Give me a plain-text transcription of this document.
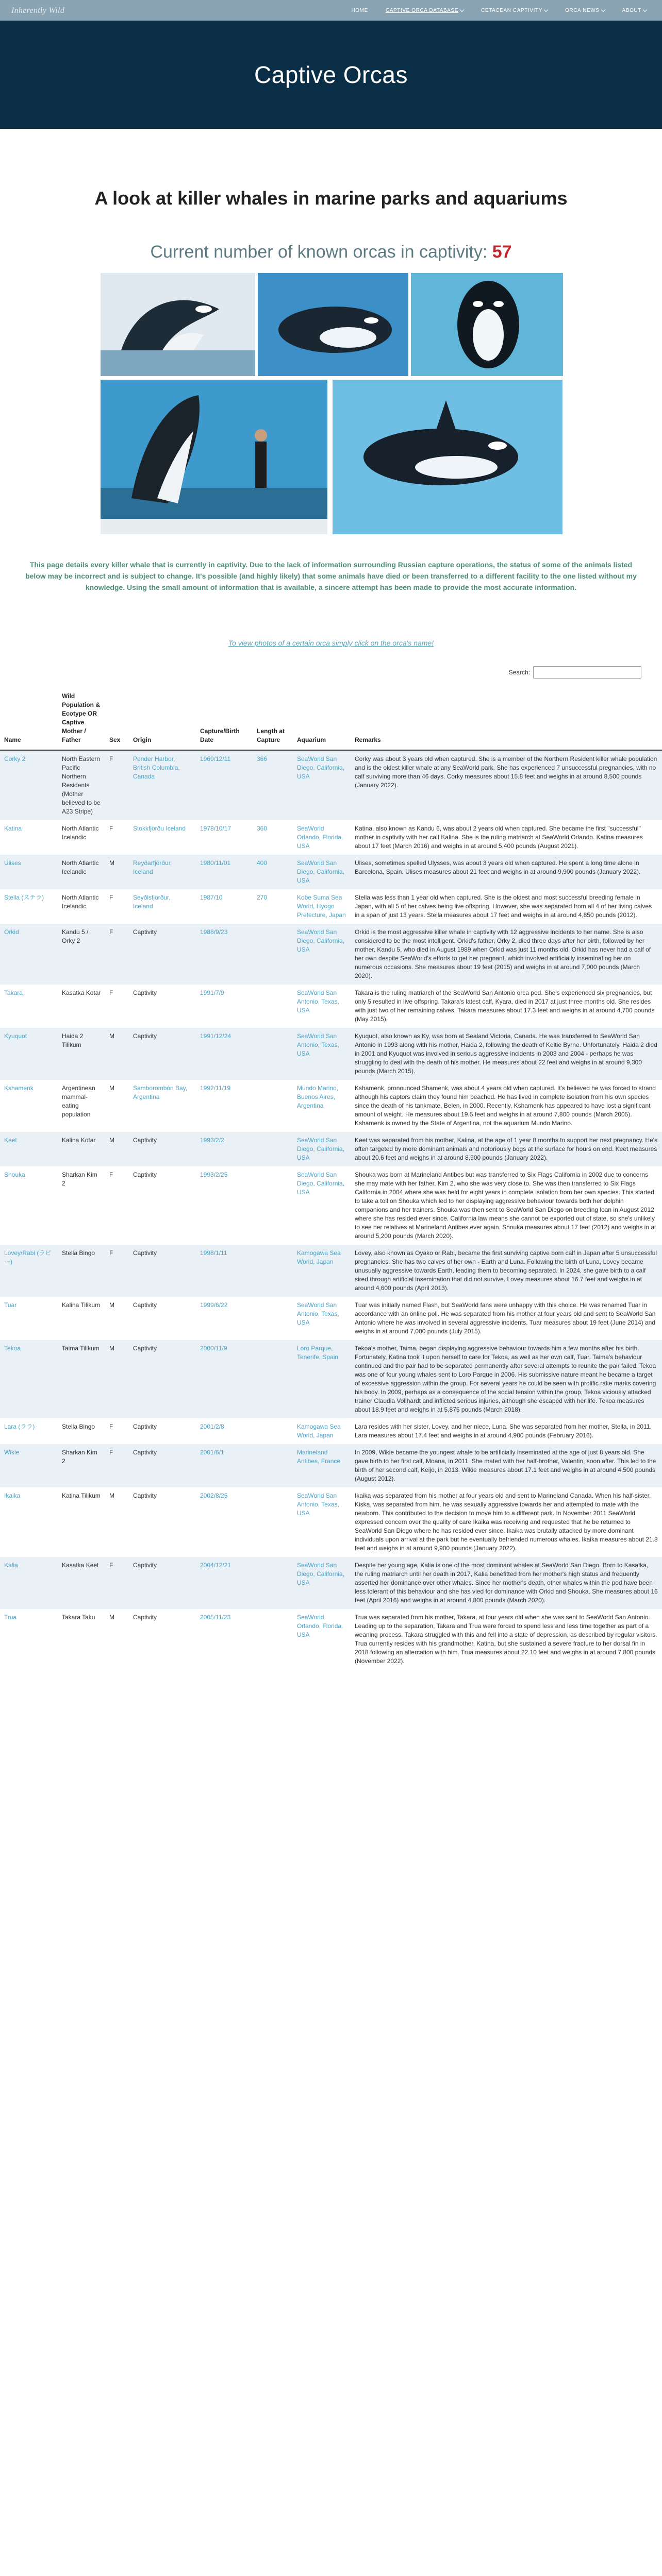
Inherently Wild	HOME	CAPTIVE ORCA DATABASE	CETACEAN CAPTIVITY	ORCA NEWS	ABOUT
Captive Orcas
A look at killer whales in marine parks and aquariums
Current number of known orcas in captivity: 57
This page details every killer whale that is currently in captivity. Due to the lack of information surrounding Russian capture operations, the status of some of the animals listed below may be incorrect and is subject to change. It's possible (and highly likely) that some animals have died or been transferred to a different facility to the one listed without my knowledge. Using the small amount of information that is available, a sincere attempt has been made to provide the most accurate information.
To view photos of a certain orca simply click on the orca's name!
Search:
Name	Wild Population & Ecotype OR Captive Mother / Father	Sex	Origin	Capture/Birth Date	Length at Capture	Aquarium	Remarks
Corky 2	North Eastern Pacific Northern Residents (Mother believed to be A23 Stripe)	F	Pender Harbor, British Columbia, Canada	1969/12/11	366	SeaWorld San Diego, California, USA	Corky was about 3 years old when captured. She is a member of the Northern Resident killer whale population and is the oldest killer whale at any SeaWorld park. She has experienced 7 unsuccessful pregnancies, with no calf surviving more than 46 days. Corky measures about 15.8 feet and weighs in at around 8,500 pounds (January 2022).
Katina	North Atlantic Icelandic	F	Stokkfjörðu Iceland	1978/10/17	360	SeaWorld Orlando, Florida, USA	Katina, also known as Kandu 6, was about 2 years old when captured. She became the first "successful" mother in captivity with her calf Kalina. She is the ruling matriarch at SeaWorld Orlando. Katina measures about 17 feet (March 2016) and weighs in at around 5,400 pounds (August 2021).
Ulises	North Atlantic Icelandic	M	Reyðarfjörður, Iceland	1980/11/01	400	SeaWorld San Diego, California, USA	Ulises, sometimes spelled Ulysses, was about 3 years old when captured. He spent a long time alone in Barcelona, Spain. Ulises measures about 21 feet and weighs in at around 9,900 pounds (January 2022).
Stella (ステラ)	North Atlantic Icelandic	F	Seyðisfjörður, Iceland	1987/10	270	Kobe Suma Sea World, Hyogo Prefecture, Japan	Stella was less than 1 year old when captured. She is the oldest and most successful breeding female in Japan, with all 5 of her calves being live offspring. However, she was separated from all 4 of her living calves in a span of just 13 years. Stella measures about 17 feet and weighs in at around 4,850 pounds (2012).
Orkid	Kandu 5 / Orky 2	F	Captivity	1988/9/23		SeaWorld San Diego, California, USA	Orkid is the most aggressive killer whale in captivity with 12 aggressive incidents to her name. She is also considered to be the most intelligent. Orkid's father, Orky 2, died three days after her birth, followed by her mother, Kandu 5, who died in August 1989 when Orkid was just 11 months old. Orkid has never had a calf of her own despite SeaWorld's efforts to get her pregnant, which involved artificially inseminating her on numerous occasions. She measures about 19 feet (2015) and weighs in at around 7,000 pounds (March 2020).
Takara	Kasatka Kotar	F	Captivity	1991/7/9		SeaWorld San Antonio, Texas, USA	Takara is the ruling matriarch of the SeaWorld San Antonio orca pod. She's experienced six pregnancies, but only 5 resulted in live offspring. Takara's latest calf, Kyara, died in 2017 at just three months old. She resides with just two of her remaining calves. Takara measures about 17.3 feet and weighs in at around 4,700 pounds (May 2015).
Kyuquot	Haida 2 Tilikum	M	Captivity	1991/12/24		SeaWorld San Antonio, Texas, USA	Kyuquot, also known as Ky, was born at Sealand Victoria, Canada. He was transferred to SeaWorld San Antonio in 1993 along with his mother, Haida 2, following the death of Keltie Byrne. Unfortunately, Haida 2 died in 2001 and Kyuquot was involved in serious aggressive incidents in 2003 and 2004 - perhaps he was struggling to deal with the death of his mother. He measures about 22 feet and weighs in at around 9,300 pounds (March 2015).
Kshamenk	Argentinean mammal-eating population	M	Samborombón Bay, Argentina	1992/11/19		Mundo Marino, Buenos Aires, Argentina	Kshamenk, pronounced Shamenk, was about 4 years old when captured. It's believed he was forced to strand although his captors claim they found him beached. He has lived in complete isolation from his own species since the death of his tankmate, Belen, in 2000. Recently, Kshamenk has appeared to have lost a significant amount of weight. He measures about 19.5 feet and weighs in at around 7,800 pounds (March 2005). Kshamenk is owned by the State of Argentina, not the aquarium Mundo Marino.
Keet	Kalina Kotar	M	Captivity	1993/2/2		SeaWorld San Diego, California, USA	Keet was separated from his mother, Kalina, at the age of 1 year 8 months to support her next pregnancy. He's often targeted by more dominant animals and notoriously bogs at the surface for hours on end. Keet measures about 20.6 feet and weighs in at around 8,900 pounds (January 2022).
Shouka	Sharkan Kim 2	F	Captivity	1993/2/25		SeaWorld San Diego, California, USA	Shouka was born at Marineland Antibes but was transferred to Six Flags California in 2002 due to concerns she may mate with her father, Kim 2, who she was very close to. She was then transferred to Six Flags California in 2004 where she was held for eight years in complete isolation from her own species. This started to take a toll on Shouka which led to her displaying aggressive behaviour towards both her dolphin companions and her trainers. Shouka was then sent to SeaWorld San Diego on breeding loan in August 2012 where she has resided ever since. California law means she cannot be exported out of state, so she's unlikely to see her relatives at Marineland Antibes ever again. Shouka measures about 17 feet (2012) and weighs in at around 5,200 pounds (March 2020).
Lovey/Rabi (ラビー)	Stella Bingo	F	Captivity	1998/1/11		Kamogawa Sea World, Japan	Lovey, also known as Oyako or Rabi, became the first surviving captive born calf in Japan after 5 unsuccessful pregnancies. She has two calves of her own - Earth and Luna. Following the birth of Luna, Lovey became unusually aggressive towards Earth, leading them to becoming separated. In 2024, she gave birth to a calf sired through artificial insemination that did not survive. Lovey measures about 16.7 feet and weighs in at around 4,600 pounds (April 2013).
Tuar	Kalina Tilikum	M	Captivity	1999/6/22		SeaWorld San Antonio, Texas, USA	Tuar was initially named Flash, but SeaWorld fans were unhappy with this choice. He was renamed Tuar in accordance with an online poll. He was separated from his mother at four years old and sent to SeaWorld San Antonio where he was involved in several aggressive incidents. Tuar measures about 19 feet (June 2014) and weighs in at around 7,000 pounds (July 2015).
Tekoa	Taima Tilikum	M	Captivity	2000/11/9		Loro Parque, Tenerife, Spain	Tekoa's mother, Taima, began displaying aggressive behaviour towards him a few months after his birth. Fortunately, Katina took it upon herself to care for Tekoa, as well as her own calf, Tuar. Taima's behaviour continued and the pair had to be separated permanently after several attempts to reunite the pair failed. Tekoa was one of four young whales sent to Loro Parque in 2006. His submissive nature meant he became a target of excessive aggression within the group. For several years he could be seen with prolific rake marks covering his body. In 2009, perhaps as a consequence of the social tension within the group, Tekoa viciously attacked trainer Claudia Vollhardt and inflicted serious injuries, although she escaped with her life. Tekoa measures about 18.9 feet and weighs in at 5,875 pounds (March 2018).
Lara (ララ)	Stella Bingo	F	Captivity	2001/2/8		Kamogawa Sea World, Japan	Lara resides with her sister, Lovey, and her niece, Luna. She was separated from her mother, Stella, in 2011. Lara measures about 17.4 feet and weighs in at around 4,900 pounds (February 2016).
Wikie	Sharkan Kim 2	F	Captivity	2001/6/1		Marineland Antibes, France	In 2009, Wikie became the youngest whale to be artificially inseminated at the age of just 8 years old. She gave birth to her first calf, Moana, in 2011. She mated with her half-brother, Valentin, soon after. This led to the birth of her second calf, Keijo, in 2013. Wikie measures about 17.1 feet and weighs in at around 4,500 pounds (August 2012).
Ikaika	Katina Tilikum	M	Captivity	2002/8/25		SeaWorld San Antonio, Texas, USA	Ikaika was separated from his mother at four years old and sent to Marineland Canada. When his half-sister, Kiska, was separated from him, he was sexually aggressive towards her and attempted to mate with the newborn. This contributed to the decision to move him to a different park. In November 2011 SeaWorld expressed concern over the quality of care Ikaika was receiving and requested that he be returned to SeaWorld San Diego where he has resided ever since. Ikaika was brutally attacked by more dominant individuals upon arrival at the park but he eventually befriended numerous whales. Ikaika measures about 21.8 feet and weighs in at around 9,900 pounds (January 2022).
Kalia	Kasatka Keet	F	Captivity	2004/12/21		SeaWorld San Diego, California, USA	Despite her young age, Kalia is one of the most dominant whales at SeaWorld San Diego. Born to Kasatka, the ruling matriarch until her death in 2017, Kalia benefitted from her mother's high status and frequently asserted her dominance over other whales. Since her mother's death, other whales within the pod have been less tolerant of this behaviour and she has vied for dominance with Orkid and Shouka. She measures about 16 feet (April 2016) and weighs in at around 4,800 pounds (March 2020).
Trua	Takara Taku	M	Captivity	2005/11/23		SeaWorld Orlando, Florida, USA	Trua was separated from his mother, Takara, at four years old when she was sent to SeaWorld San Antonio. Leading up to the separation, Takara and Trua were forced to spend less and less time together as part of a weaning process. Takara struggled with this and fell into a state of depression, as described by regular visitors. Trua currently resides with his grandmother, Katina, but she sustained a severe fracture to her dorsal fin in 2018 following an altercation with him. Trua measures about 22.10 feet and weighs in at around 7,800 pounds (November 2022).
